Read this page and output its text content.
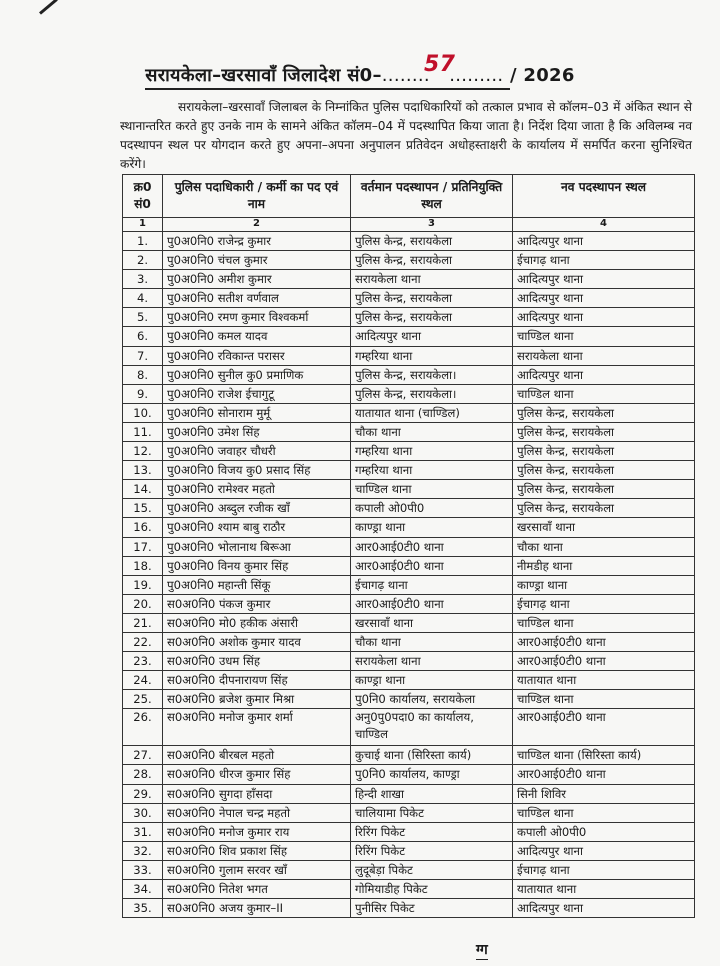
सरायकेला–खरसावाँ जिलादेश सं0–........57......... / 2026

सरायकेला–खरसावाँ जिलाबल के निम्नांकित पुलिस पदाधिकारियों को तत्काल प्रभाव से कॉलम–03 में अंकित स्थान से स्थानान्तरित करते हुए उनके नाम के सामने अंकित कॉलम–04 में पदस्थापित किया जाता है। निर्देश दिया जाता है कि अविलम्ब नव पदस्थापन स्थल पर योगदान करते हुए अपना–अपना अनुपालन प्रतिवेदन अधोहस्ताक्षरी के कार्यालय में समर्पित करना सुनिश्चित करेंगे।

क्र0 सं0	पुलिस पदाधिकारी / कर्मी का पद एवं नाम	वर्तमान पदस्थापन / प्रतिनियुक्ति स्थल	नव पदस्थापन स्थल
1	2	3	4
1.	पु0अ0नि0 राजेन्द्र कुमार	पुलिस केन्द्र, सरायकेला	आदित्यपुर थाना
2.	पु0अ0नि0 चंचल कुमार	पुलिस केन्द्र, सरायकेला	ईचागढ़ थाना
3.	पु0अ0नि0 अमीश कुमार	सरायकेला थाना	आदित्यपुर थाना
4.	पु0अ0नि0 सतीश वर्णवाल	पुलिस केन्द्र, सरायकेला	आदित्यपुर थाना
5.	पु0अ0नि0 रमण कुमार विश्वकर्मा	पुलिस केन्द्र, सरायकेला	आदित्यपुर थाना
6.	पु0अ0नि0 कमल यादव	आदित्यपुर थाना	चाण्डिल थाना
7.	पु0अ0नि0 रविकान्त परासर	गम्हरिया थाना	सरायकेला थाना
8.	पु0अ0नि0 सुनील कु0 प्रमाणिक	पुलिस केन्द्र, सरायकेला।	आदित्यपुर थाना
9.	पु0अ0नि0 राजेश ईचागुटू	पुलिस केन्द्र, सरायकेला।	चाण्डिल थाना
10.	पु0अ0नि0 सोनाराम मुर्मू	यातायात थाना (चाण्डिल)	पुलिस केन्द्र, सरायकेला
11.	पु0अ0नि0 उमेश सिंह	चौका थाना	पुलिस केन्द्र, सरायकेला
12.	पु0अ0नि0 जवाहर चौधरी	गम्हरिया थाना	पुलिस केन्द्र, सरायकेला
13.	पु0अ0नि0 विजय कु0 प्रसाद सिंह	गम्हरिया थाना	पुलिस केन्द्र, सरायकेला
14.	पु0अ0नि0 रामेश्वर महतो	चाण्डिल थाना	पुलिस केन्द्र, सरायकेला
15.	पु0अ0नि0 अब्दुल रजीक खाँ	कपाली ओ0पी0	पुलिस केन्द्र, सरायकेला
16.	पु0अ0नि0 श्याम बाबु राठौर	काण्ड्रा थाना	खरसावाँ थाना
17.	पु0अ0नि0 भोलानाथ बिरूआ	आर0आई0टी0 थाना	चौका थाना
18.	पु0अ0नि0 विनय कुमार सिंह	आर0आई0टी0 थाना	नीमडीह थाना
19.	पु0अ0नि0 महान्ती सिंकू	ईचागढ़ थाना	काण्ड्रा थाना
20.	स0अ0नि0 पंकज कुमार	आर0आई0टी0 थाना	ईचागढ़ थाना
21.	स0अ0नि0 मो0 हकीक अंसारी	खरसावाँ थाना	चाण्डिल थाना
22.	स0अ0नि0 अशोक कुमार यादव	चौका थाना	आर0आई0टी0 थाना
23.	स0अ0नि0 उधम सिंह	सरायकेला थाना	आर0आई0टी0 थाना
24.	स0अ0नि0 दीपनारायण सिंह	काण्ड्रा थाना	यातायात थाना
25.	स0अ0नि0 ब्रजेश कुमार मिश्रा	पु0नि0 कार्यालय, सरायकेला	चाण्डिल थाना
26.	स0अ0नि0 मनोज कुमार शर्मा	अनु0पु0पदा0 का कार्यालय, चाण्डिल	आर0आई0टी0 थाना
27.	स0अ0नि0 बीरबल महतो	कुचाई थाना (सिरिस्ता कार्य)	चाण्डिल थाना (सिरिस्ता कार्य)
28.	स0अ0नि0 धीरज कुमार सिंह	पु0नि0 कार्यालय, काण्ड्रा	आर0आई0टी0 थाना
29.	स0अ0नि0 सुगदा हाँसदा	हिन्दी शाखा	सिनी शिविर
30.	स0अ0नि0 नेपाल चन्द्र महतो	चालियामा पिकेट	चाण्डिल थाना
31.	स0अ0नि0 मनोज कुमार राय	रिरिंग पिकेट	कपाली ओ0पी0
32.	स0अ0नि0 शिव प्रकाश सिंह	रिरिंग पिकेट	आदित्यपुर थाना
33.	स0अ0नि0 गुलाम सरवर खाँ	लुदूबेड़ा पिकेट	ईचागढ़ थाना
34.	स0अ0नि0 नितेश भगत	गोमियाडीह पिकेट	यातायात थाना
35.	स0अ0नि0 अजय कुमार–II	पुनीसिर पिकेट	आदित्यपुर थाना
ग्ग
